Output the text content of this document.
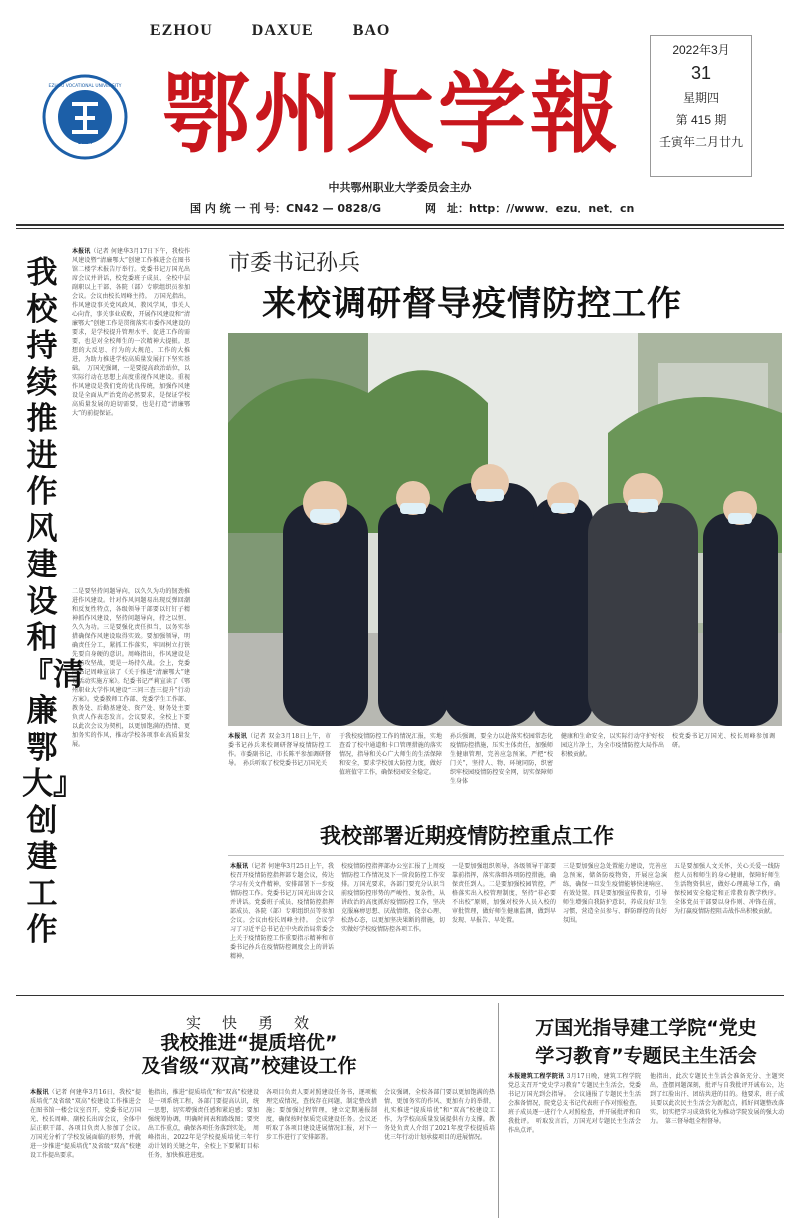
EZHOU DAXUE BAO
1984
EZHOU VOCATIONAL UNIVERSITY 鄂州大学報
2022年3月
31
星期四
第 415 期
壬寅年二月廿九
中共鄂州职业大学委员会主办
国 内 统 一 刊 号：CN42 — 0828/G	网　址：http：//www．ezu．net．cn
本报讯（记者 何建华3月17日下午，我校作风建设暨“清廉鄂大”创建工作推进会在图书馆二楼学术报告厅举行。党委书记万国光出席会议并讲话，校党委班子成员、全校中层副职以上干部、各院（部）专职组织员参加会议。会议由校长周峰主持。　万国光指出，作风建设事关党风政风、教风学风，事关人心向背，事关事业成败，开展作风建设和“清廉鄂大”创建工作是贯彻落实市委作风建设的要求，是学校提升管理水平、促进工作的需要，也是对全校师生的一次精神大提振。思想的大反思、行为的大规范、工作的大推进，为助力推进学校高质量发展打下坚实基础。　万国光强调，一是要提高政治站位，以实际行动在思想上高度重视作风建设。重视作风建设是我们党的优良传统，加强作风建设是全面从严治党的必然要求，是保证学校高质量发展的迫切需要，也是打造“清廉鄂大”的前提保证。
二是要坚持问题导向，以久久为功的韧劲推进作风建设。针对作风问题易出现反弹回潮和反复性特点，各级领导干部要以钉钉子精神抓作风建设，坚持问题导向，持之以恒、久久为功。三是要强化责任担当，以务实举措确保作风建设取得实效。要加强领导，明确责任分工，紧抓工作落实，牢固树立打铁先要自身硬的意识。周峰指出，作风建设是一场攻坚战，更是一场持久战。会上，党委副书记周峰宣读了《关于推进“清廉鄂大”建设活动实施方案》。纪委书记严莉宣读了《鄂州职业大学作风建设“三问三查三提升”行动方案》。党委教师工作部、党委学生工作部、教务处、后勤基建处、资产处、财务处主要负责人作表态发言。会议要求，全校上下要以此次会议为契机，以更加饱满的热情、更加务实的作风，推动学校各项事业高质量发展。
我校持续推进作风建设和『清廉鄂大』创建工作
市委书记孙兵
来校调研督导疫情防控工作
本报讯（记者 双金3月18日上午，市委书记孙兵来校调研督导疫情防控工作。市委副书记、市长陈平参加调研督导。　孙兵听取了校党委书记万国光关
于我校疫情防控工作的情况汇报，实地查看了校中通道和卡口管理措施的落实情况，指导和关心广大师生的生活保障和安全，要求学校加大防控力度，做好值班值守工作，确保校园安全稳定。
孙兵强调，要全力以赴落实校园常态化疫情防控措施，压实主体责任，加强师生健康管理，完善应急预案，严把“校门关”，坚持人、物、环境同防，织密织牢校园疫情防控安全网，切实保障师生身体
健康和生命安全，以实际行动守护好校园这片净土，为全市疫情防控大局作出积极贡献。
校党委书记万国光、校长周峰参加调研。
我校部署近期疫情防控重点工作
本报讯（记者 何建华3月25日上午，我校召开疫情防控指挥部专题会议，传达学习有关文件精神，安排部署下一步疫情防控工作。党委书记万国光出席会议并讲话。党委班子成员、疫情防控指挥部成员、各院（部）专职组织员等参加会议。会议由校长周峰主持。　会议学习了习近平总书记在中央政治局常委会上关于疫情防控工作重要指示精神和市委书记孙兵在疫情防控调度会上的讲话精神，
校疫情防控指挥部办公室汇报了上周疫情防控工作情况及下一阶段防控工作安排。万国光要求，各部门要充分认识当前疫情防控形势的严峻性、复杂性，从讲政治的高度抓好疫情防控工作，坚决克服麻痹思想、厌战情绪、侥幸心理、松劲心态，以更加坚决果断的措施，切实做好学校疫情防控各项工作。
一是要加强组织领导，各级领导干部要靠前指挥，落实落细各项防控措施，确保责任到人。二是要加强校园管控，严格落实出入校管理制度，坚持“非必要不出校”原则，加强对校外人员入校的审批管理，做好师生健康监测，做到早发现、早报告、早处置。
三是要加强应急处置能力建设，完善应急预案，储备防疫物资，开展应急演练，确保一旦发生疫情能够快速响应、有效处置。四是要加强宣传教育，引导师生增强自我防护意识，养成良好卫生习惯，营造全员参与、群防群控的良好氛围。
五是要加强人文关怀，关心关爱一线防控人员和师生的身心健康，保障好师生生活物资供应，做好心理疏导工作，确保校园安全稳定和正常教育教学秩序。全体党员干部要以身作则、冲锋在前，为打赢疫情防控阻击战作出积极贡献。
实　快　勇　效
我校推进“提质培优”
及省级“双高”校建设工作
本报讯（记者 何建华3月16日，我校“提质培优”及省级“双高”校建设工作推进会在图书馆一楼会议室召开，党委书记万国光、校长周峰、副校长出席会议，全体中层正职干部、各项目负责人参加了会议。　万国光分析了学校发展面临的形势，并就进一步推进“提质培优”及省级“双高”校建设工作提出要求。
他指出，推进“提质培优”和“双高”校建设是一项系统工程，各部门要提高认识，统一思想，切实增强责任感和紧迫感；要加强统筹协调，明确时间表和路线图；要突出工作重点，确保各项任务落到实处。　周峰指出，2022年是学校提质培优三年行动计划的关键之年，全校上下要紧盯目标任务，加快推进进度。
各项目负责人要对照建设任务书，逐项梳理完成情况，查找存在问题，制定整改措施；要加强过程管理，建立定期通报制度，确保按时保质完成建设任务。会议还听取了各项目建设进展情况汇报，对下一步工作进行了安排部署。
会议强调，全校各部门要以更加饱满的热情、更加务实的作风、更加有力的举措，扎实推进“提质培优”和“双高”校建设工作，为学校高质量发展提供有力支撑。教务处负责人介绍了2021年度学校提质培优三年行动计划承接项目的进展情况。
万国光指导建工学院“党史
学习教育”专题民主生活会
本报建筑工程学院讯 3月17日晚，建筑工程学院党总支召开“党史学习教育”专题民主生活会，党委书记万国光到会指导。　会议通报了专题民主生活会准备情况，院党总支书记代表班子作对照检查，班子成员逐一进行个人对照检查，并开展批评和自我批评。　听取发言后，万国光对专题民主生活会作出点评。
他指出，此次专题民主生活会准备充分、主题突出，查摆问题深刻，批评与自我批评开诚布公，达到了红脸出汗、团结共进的目的。他要求，班子成员要以此次民主生活会为新起点，抓好问题整改落实，切实把学习成效转化为推动学院发展的强大动力。　第三督导组全程督导。
